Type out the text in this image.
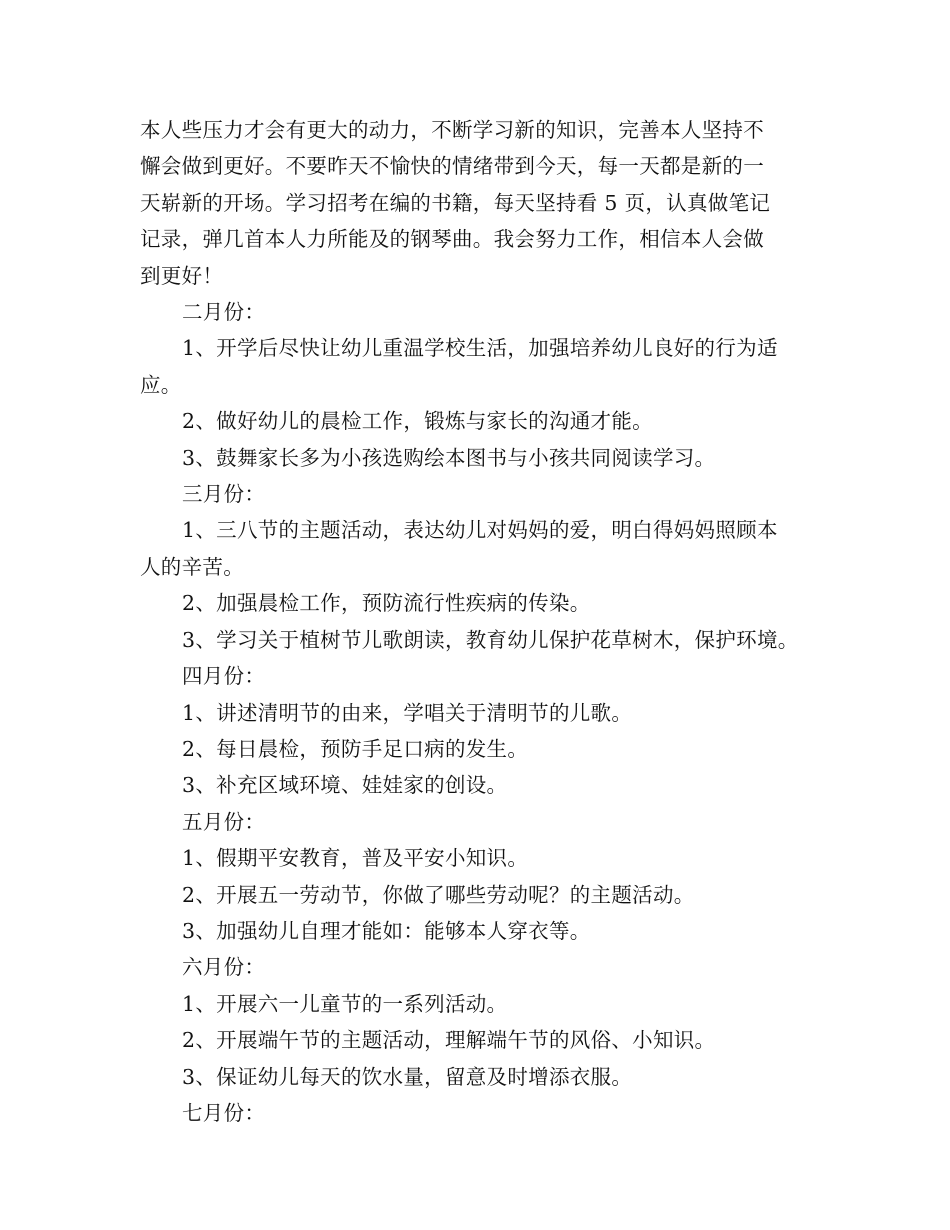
本人些压力才会有更大的动力，不断学习新的知识，完善本人坚持不
懈会做到更好。不要昨天不愉快的情绪带到今天，每一天都是新的一
天崭新的开场。学习招考在编的书籍，每天坚持看 5 页，认真做笔记
记录，弹几首本人力所能及的钢琴曲。我会努力工作，相信本人会做
到更好！
二月份：
1、开学后尽快让幼儿重温学校生活，加强培养幼儿良好的行为适
应。
2、做好幼儿的晨检工作，锻炼与家长的沟通才能。
3、鼓舞家长多为小孩选购绘本图书与小孩共同阅读学习。
三月份：
1、三八节的主题活动，表达幼儿对妈妈的爱，明白得妈妈照顾本
人的辛苦。
2、加强晨检工作，预防流行性疾病的传染。
3、学习关于植树节儿歌朗读，教育幼儿保护花草树木，保护环境。
四月份：
1、讲述清明节的由来，学唱关于清明节的儿歌。
2、每日晨检，预防手足口病的发生。
3、补充区域环境、娃娃家的创设。
五月份：
1、假期平安教育，普及平安小知识。
2、开展五一劳动节，你做了哪些劳动呢？的主题活动。
3、加强幼儿自理才能如：能够本人穿衣等。
六月份：
1、开展六一儿童节的一系列活动。
2、开展端午节的主题活动，理解端午节的风俗、小知识。
3、保证幼儿每天的饮水量，留意及时增添衣服。
七月份：
